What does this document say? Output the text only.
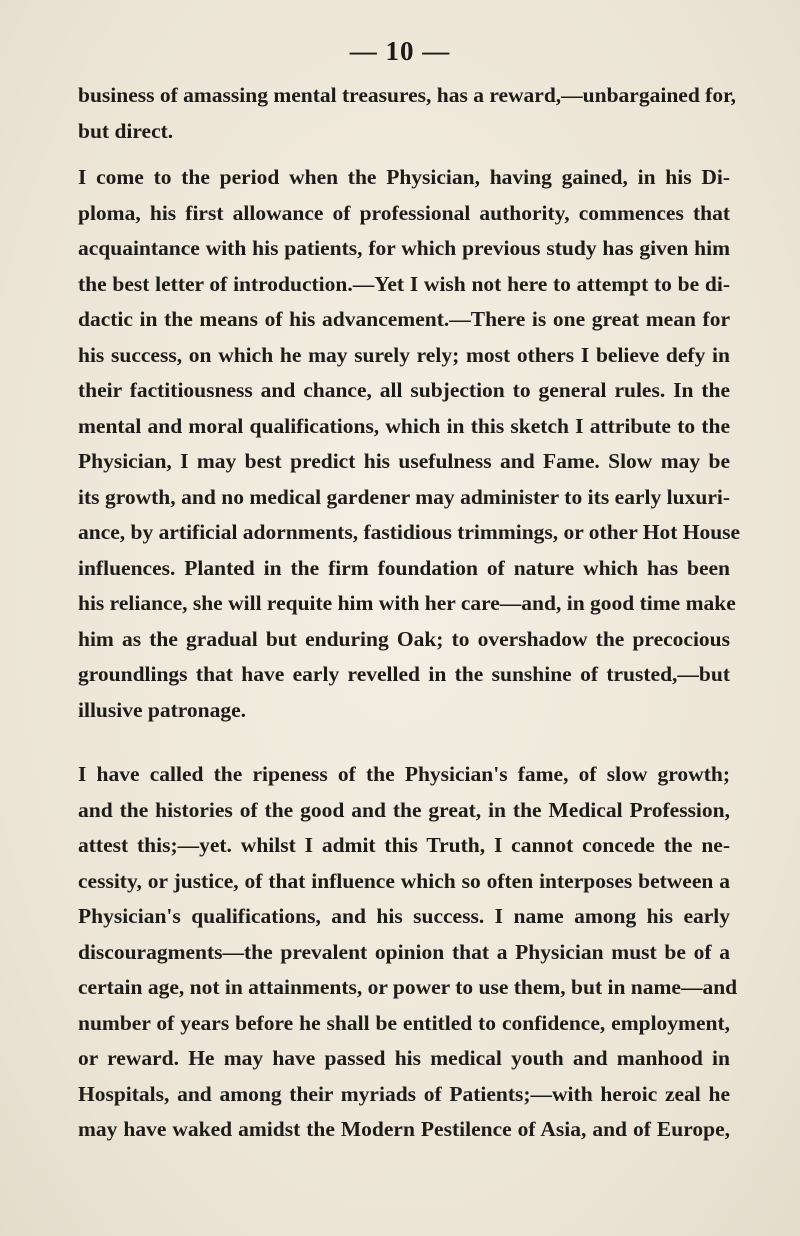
— 10 —
business of amassing mental treasures, has a reward,—unbargained for,
but direct.
I come to the period when the Physician, having gained, in his Di-
ploma, his first allowance of professional authority, commences that
acquaintance with his patients, for which previous study has given him
the best letter of introduction.—Yet I wish not here to attempt to be di-
dactic in the means of his advancement.—There is one great mean for
his success, on which he may surely rely; most others I believe defy in
their factitiousness and chance, all subjection to general rules. In the
mental and moral qualifications, which in this sketch I attribute to the
Physician, I may best predict his usefulness and Fame. Slow may be
its growth, and no medical gardener may administer to its early luxuri-
ance, by artificial adornments, fastidious trimmings, or other Hot House
influences. Planted in the firm foundation of nature which has been
his reliance, she will requite him with her care—and, in good time make
him as the gradual but enduring Oak; to overshadow the precocious
groundlings that have early revelled in the sunshine of trusted,—but
illusive patronage.
I have called the ripeness of the Physician's fame, of slow growth;
and the histories of the good and the great, in the Medical Profession,
attest this;—yet. whilst I admit this Truth, I cannot concede the ne-
cessity, or justice, of that influence which so often interposes between a
Physician's qualifications, and his success. I name among his early
discouragments—the prevalent opinion that a Physician must be of a
certain age, not in attainments, or power to use them, but in name—and
number of years before he shall be entitled to confidence, employment,
or reward. He may have passed his medical youth and manhood in
Hospitals, and among their myriads of Patients;—with heroic zeal he
may have waked amidst the Modern Pestilence of Asia, and of Europe,
